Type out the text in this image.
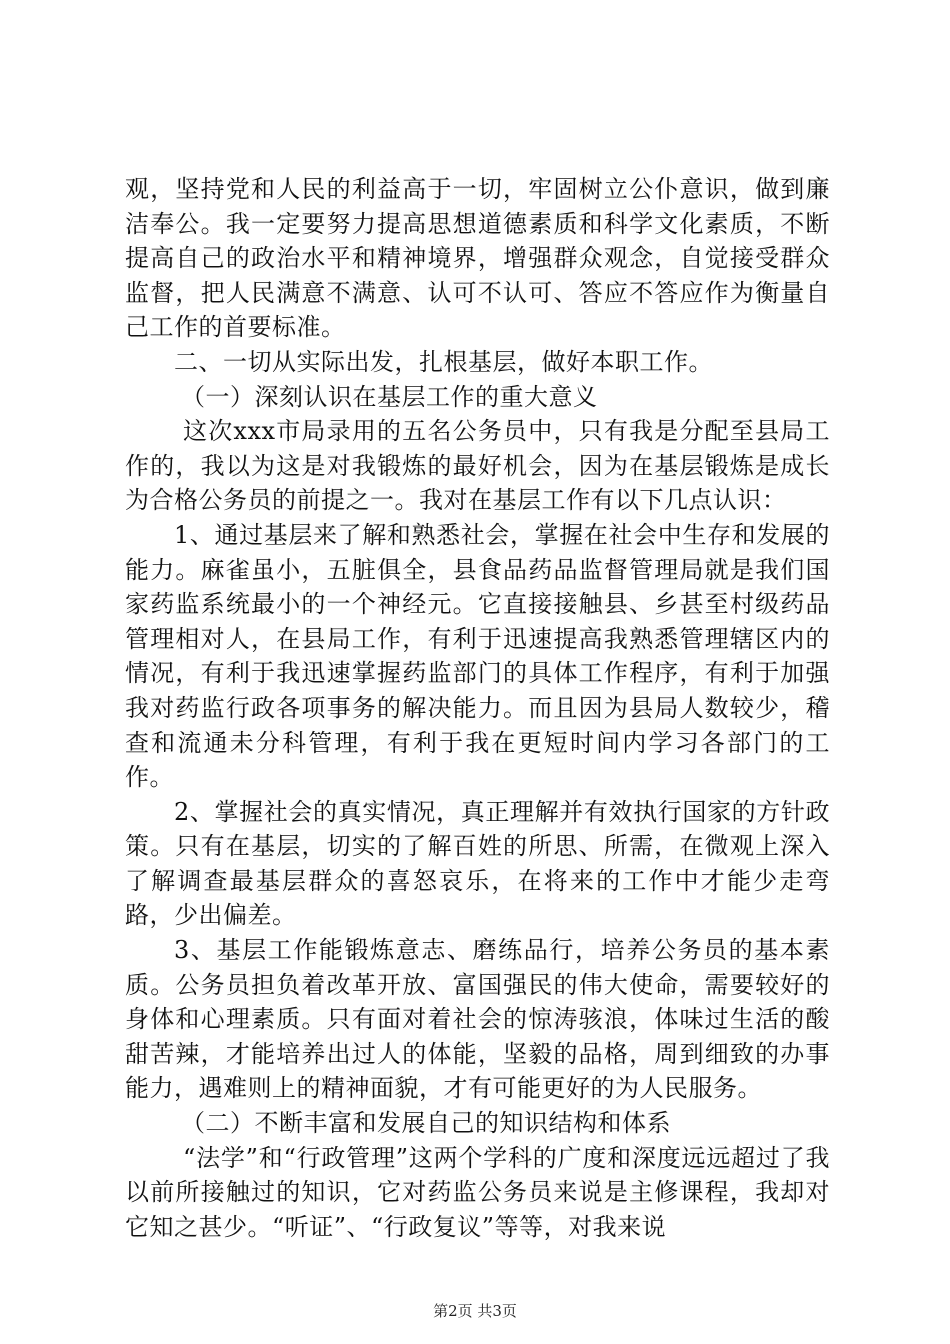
观，坚持党和人民的利益高于一切，牢固树立公仆意识，做到廉洁奉公。我一定要努力提高思想道德素质和科学文化素质，不断提高自己的政治水平和精神境界，增强群众观念，自觉接受群众监督，把人民满意不满意、认可不认可、答应不答应作为衡量自己工作的首要标准。

二、一切从实际出发，扎根基层，做好本职工作。

（一）深刻认识在基层工作的重大意义

这次xxx市局录用的五名公务员中，只有我是分配至县局工作的，我以为这是对我锻炼的最好机会，因为在基层锻炼是成长为合格公务员的前提之一。我对在基层工作有以下几点认识：

1、通过基层来了解和熟悉社会，掌握在社会中生存和发展的能力。麻雀虽小，五脏俱全，县食品药品监督管理局就是我们国家药监系统最小的一个神经元。它直接接触县、乡甚至村级药品管理相对人，在县局工作，有利于迅速提高我熟悉管理辖区内的情况，有利于我迅速掌握药监部门的具体工作程序，有利于加强我对药监行政各项事务的解决能力。而且因为县局人数较少，稽查和流通未分科管理，有利于我在更短时间内学习各部门的工作。

2、掌握社会的真实情况，真正理解并有效执行国家的方针政策。只有在基层，切实的了解百姓的所思、所需，在微观上深入了解调查最基层群众的喜怒哀乐，在将来的工作中才能少走弯路，少出偏差。

3、基层工作能锻炼意志、磨练品行，培养公务员的基本素质。公务员担负着改革开放、富国强民的伟大使命，需要较好的身体和心理素质。只有面对着社会的惊涛骇浪，体味过生活的酸甜苦辣，才能培养出过人的体能，坚毅的品格，周到细致的办事能力，遇难则上的精神面貌，才有可能更好的为人民服务。

（二）不断丰富和发展自己的知识结构和体系

“法学”和“行政管理”这两个学科的广度和深度远远超过了我以前所接触过的知识，它对药监公务员来说是主修课程，我却对它知之甚少。“听证”、“行政复议”等等，对我来说

第2页 共3页
